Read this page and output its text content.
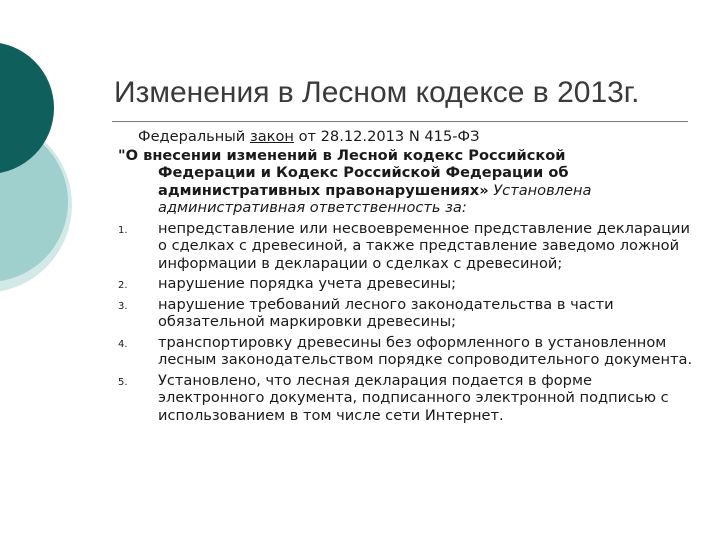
Изменения в Лесном кодексе в 2013г.
Федеральный закон от 28.12.2013 N 415-ФЗ
"О внесении изменений в Лесной кодекс Российской
Федерации и Кодекс Российской Федерации об административных правонарушениях» Установлена административная ответственность за:
1. непредставление или несвоевременное представление декларации о сделках с древесиной, а также представление заведомо ложной информации в декларации о сделках с древесиной;
2. нарушение порядка учета древесины;
3. нарушение требований лесного законодательства в части обязательной маркировки древесины;
4. транспортировку древесины без оформленного в установленном лесным законодательством порядке сопроводительного документа.
5. Установлено, что лесная декларация подается в форме электронного документа, подписанного электронной подписью с использованием в том числе сети Интернет.
